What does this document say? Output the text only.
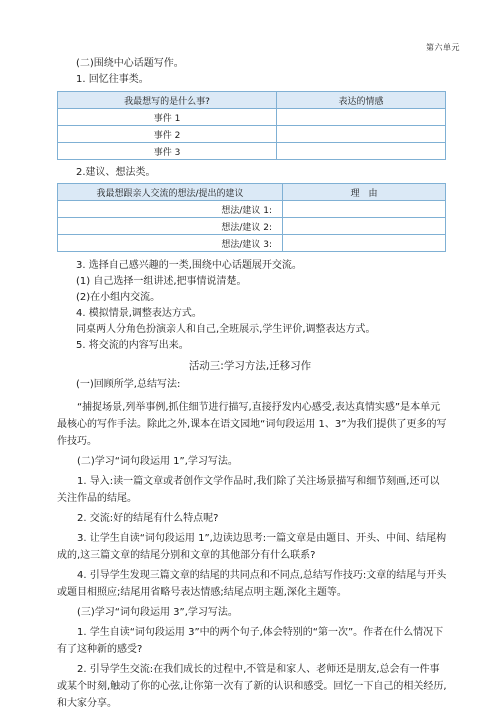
第六单元
(二)围绕中心话题写作。
1. 回忆往事类。
我最想写的是什么事?	表达的情感
事件 1	
事件 2	
事件 3	
2.建议、想法类。
我最想跟亲人交流的想法/提出的建议	理　由
想法/建议 1:	
想法/建议 2:	
想法/建议 3:	
3. 选择自己感兴趣的一类,围绕中心话题展开交流。
(1) 自己选择一组讲述,把事情说清楚。
(2)在小组内交流。
4. 模拟情景,调整表达方式。
同桌两人分角色扮演亲人和自己,全班展示,学生评价,调整表达方式。
5. 将交流的内容写出来。
活动三:学习方法,迁移习作
(一)回顾所学,总结写法:
“捕捉场景,列举事例,抓住细节进行描写,直接抒发内心感受,表达真情实感”是本单元最核心的写作手法。除此之外,课本在语文园地“词句段运用 1、3”为我们提供了更多的写作技巧。
(二)学习“词句段运用 1”,学习写法。
1. 导入:读一篇文章或者创作文学作品时,我们除了关注场景描写和细节刻画,还可以关注作品的结尾。
2. 交流:好的结尾有什么特点呢?
3. 让学生自读“词句段运用 1”,边读边思考:一篇文章是由题目、开头、中间、结尾构成的,这三篇文章的结尾分别和文章的其他部分有什么联系?
4. 引导学生发现三篇文章的结尾的共同点和不同点,总结写作技巧:文章的结尾与开头或题目相照应;结尾用省略号表达情感;结尾点明主题,深化主题等。
(三)学习“词句段运用 3”,学习写法。
1. 学生自读“词句段运用 3”中的两个句子,体会特别的“第一次”。作者在什么情况下有了这种新的感受?
2. 引导学生交流:在我们成长的过程中,不管是和家人、老师还是朋友,总会有一件事或某个时刻,触动了你的心弦,让你第一次有了新的认识和感受。回忆一下自己的相关经历,和大家分享。
